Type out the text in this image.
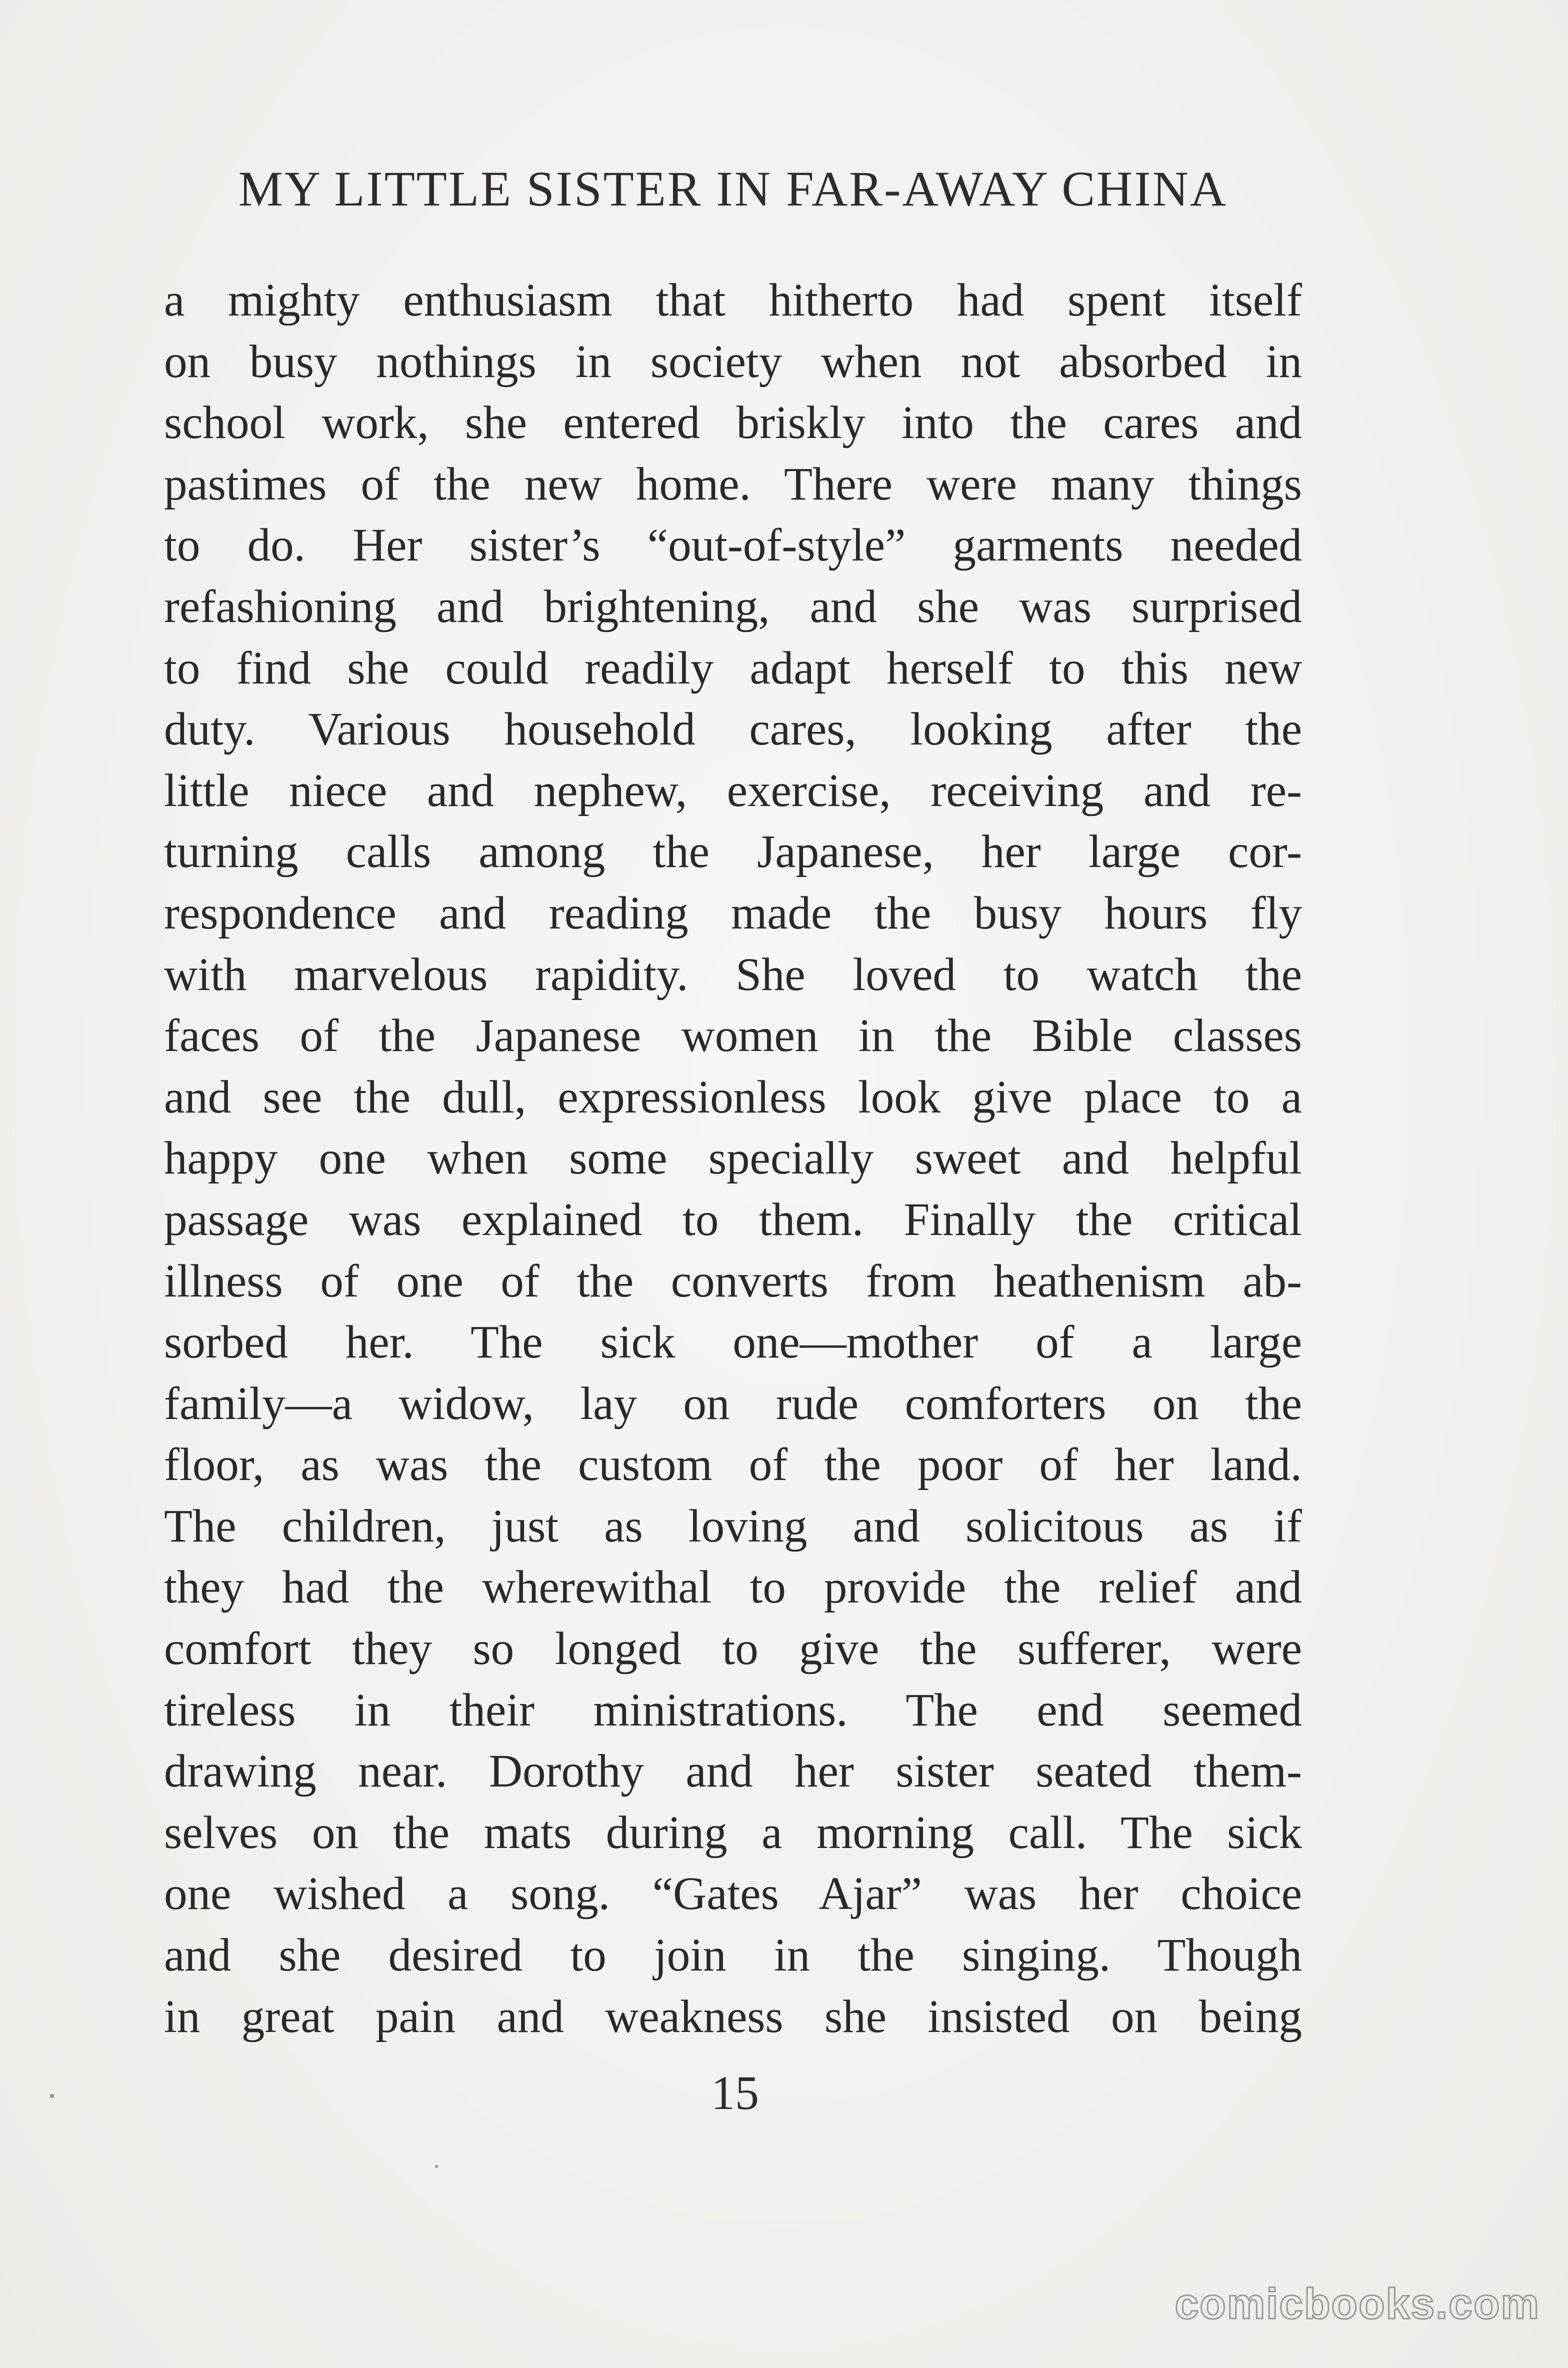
MY LITTLE SISTER IN FAR-AWAY CHINA
a mighty enthusiasm that hitherto had spent itself
on busy nothings in society when not absorbed in
school work, she entered briskly into the cares and
pastimes of the new home. There were many things
to do. Her sister’s “out-of-style” garments needed
refashioning and brightening, and she was surprised
to find she could readily adapt herself to this new
duty. Various household cares, looking after the
little niece and nephew, exercise, receiving and re-
turning calls among the Japanese, her large cor-
respondence and reading made the busy hours fly
with marvelous rapidity. She loved to watch the
faces of the Japanese women in the Bible classes
and see the dull, expressionless look give place to a
happy one when some specially sweet and helpful
passage was explained to them. Finally the critical
illness of one of the converts from heathenism ab-
sorbed her. The sick one—mother of a large
family—a widow, lay on rude comforters on the
floor, as was the custom of the poor of her land.
The children, just as loving and solicitous as if
they had the wherewithal to provide the relief and
comfort they so longed to give the sufferer, were
tireless in their ministrations. The end seemed
drawing near. Dorothy and her sister seated them-
selves on the mats during a morning call. The sick
one wished a song. “Gates Ajar” was her choice
and she desired to join in the singing. Though
in great pain and weakness she insisted on being
15
comicbooks.com
